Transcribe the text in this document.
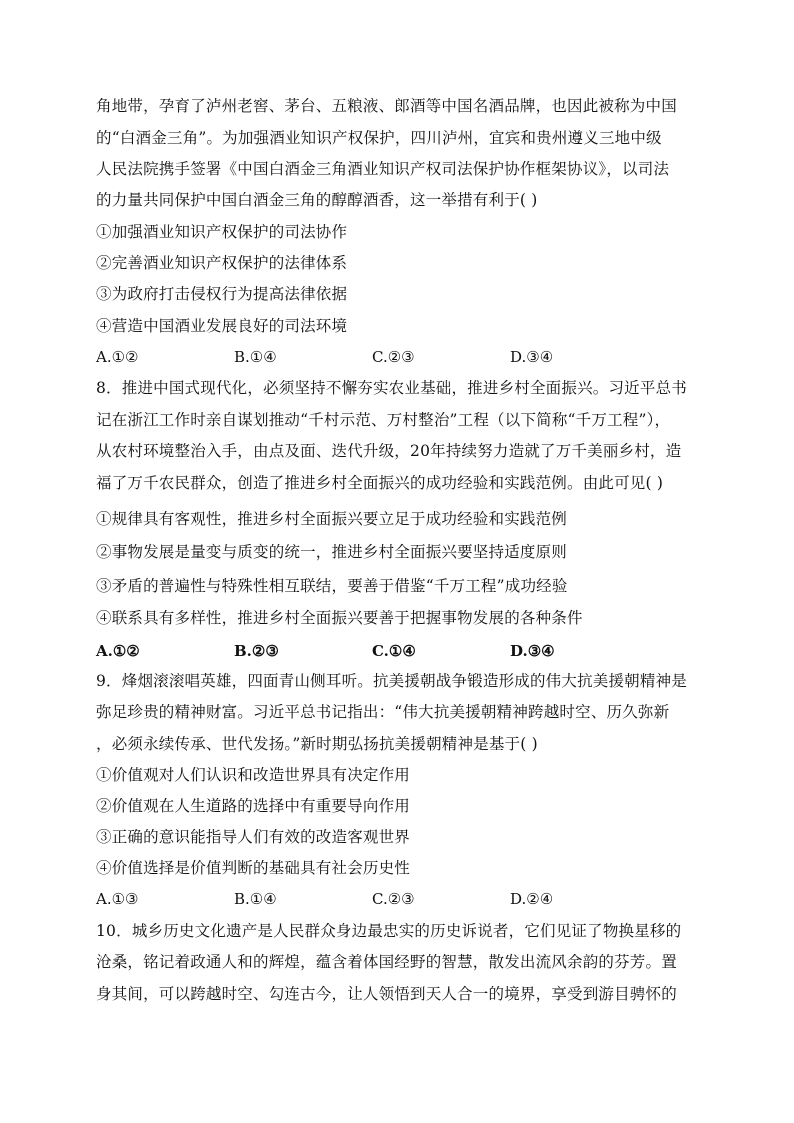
角地带，孕育了泸州老窖、茅台、五粮液、郎酒等中国名酒品牌，也因此被称为中国
的“白酒金三角”。为加强酒业知识产权保护，四川泸州，宜宾和贵州遵义三地中级
人民法院携手签署《中国白酒金三角酒业知识产权司法保护协作框架协议》，以司法
的力量共同保护中国白酒金三角的醇醇酒香，这一举措有利于( )
①加强酒业知识产权保护的司法协作
②完善酒业知识产权保护的法律体系
③为政府打击侵权行为提高法律依据
④营造中国酒业发展良好的司法环境
A.①②	B.①④	C.②③	D.③④
8．推进中国式现代化，必须坚持不懈夯实农业基础，推进乡村全面振兴。习近平总书
记在浙江工作时亲自谋划推动“千村示范、万村整治”工程（以下简称“千万工程”），
从农村环境整治入手，由点及面、迭代升级，20年持续努力造就了万千美丽乡村，造
福了万千农民群众，创造了推进乡村全面振兴的成功经验和实践范例。由此可见( )
①规律具有客观性，推进乡村全面振兴要立足于成功经验和实践范例
②事物发展是量变与质变的统一，推进乡村全面振兴要坚持适度原则
③矛盾的普遍性与特殊性相互联结，要善于借鉴“千万工程”成功经验
④联系具有多样性，推进乡村全面振兴要善于把握事物发展的各种条件
A.①②	B.②③	C.①④	D.③④
9．烽烟滚滚唱英雄，四面青山侧耳听。抗美援朝战争锻造形成的伟大抗美援朝精神是
弥足珍贵的精神财富。习近平总书记指出：“伟大抗美援朝精神跨越时空、历久弥新
，必须永续传承、世代发扬。”新时期弘扬抗美援朝精神是基于( )
①价值观对人们认识和改造世界具有决定作用
②价值观在人生道路的选择中有重要导向作用
③正确的意识能指导人们有效的改造客观世界
④价值选择是价值判断的基础具有社会历史性
A.①③	B.①④	C.②③	D.②④
10．城乡历史文化遗产是人民群众身边最忠实的历史诉说者，它们见证了物换星移的
沧桑，铭记着政通人和的辉煌，蕴含着体国经野的智慧，散发出流风余韵的芬芳。置
身其间，可以跨越时空、勾连古今，让人领悟到天人合一的境界，享受到游目骋怀的
